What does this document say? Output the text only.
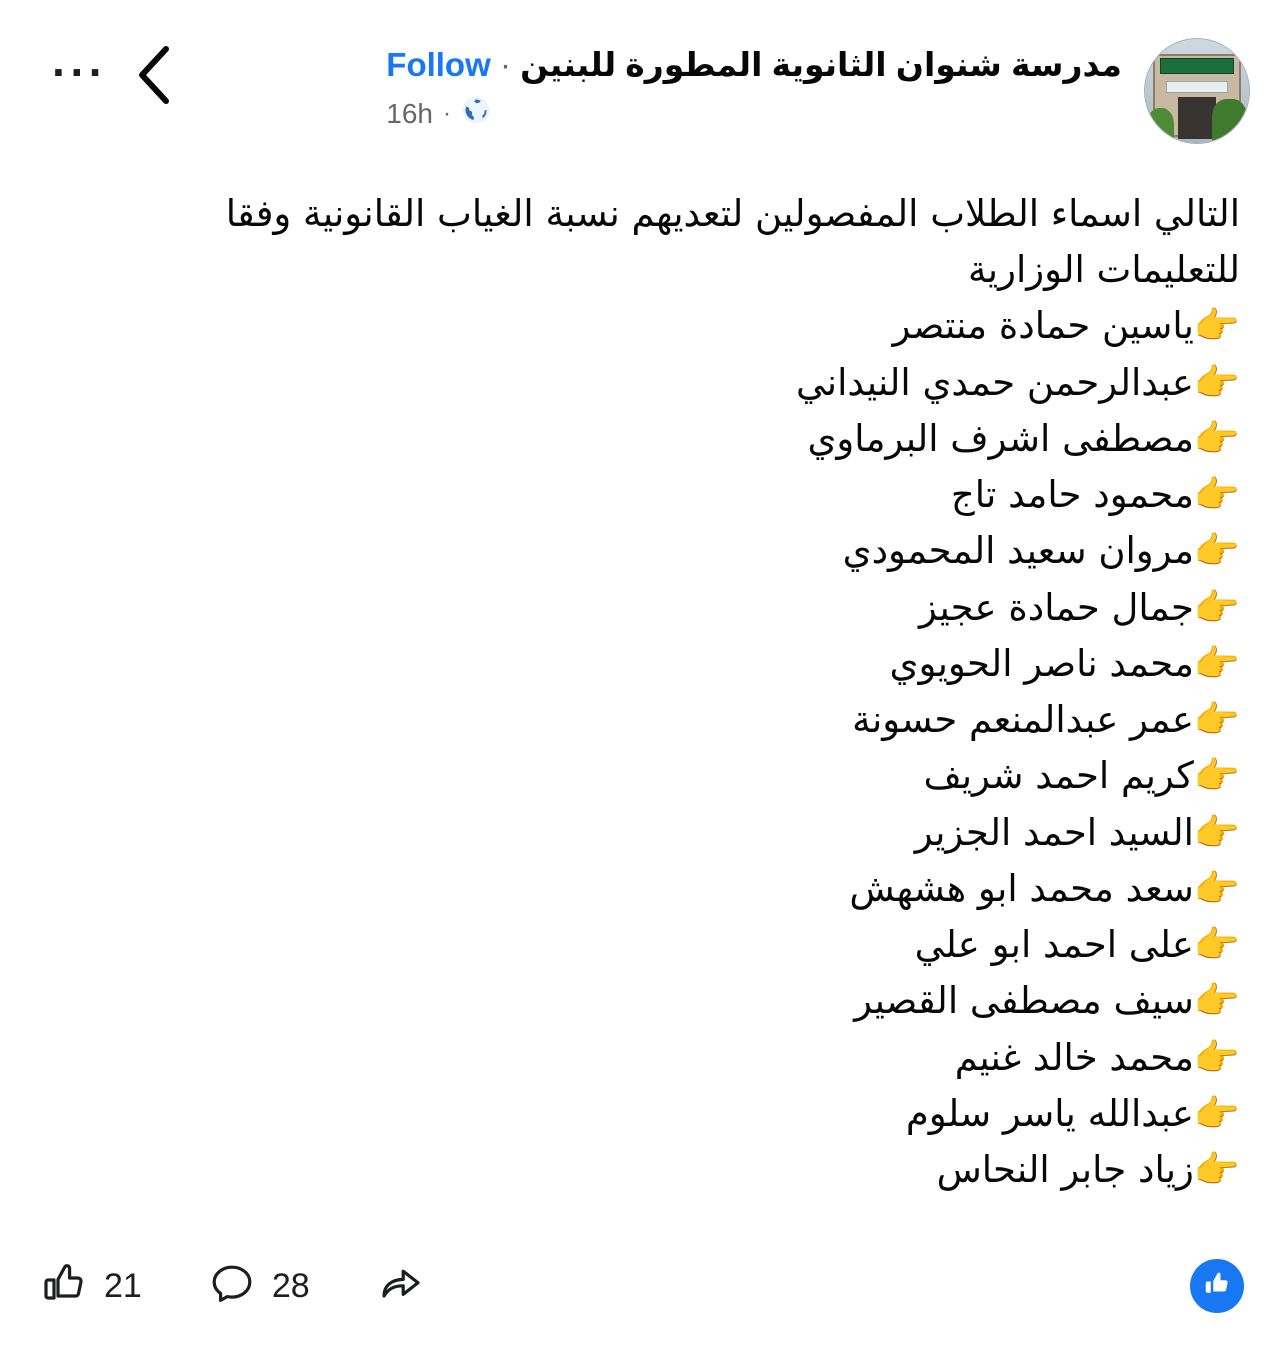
مدرسة شنوان الثانوية المطورة للبنين · Follow
16h ·
···

التالي اسماء الطلاب المفصولين لتعديهم نسبة الغياب القانونية وفقا

للتعليمات الوزارية

👉ياسين حمادة منتصر

👉عبدالرحمن حمدي النيداني

👉مصطفى اشرف البرماوي

👉محمود حامد تاج

👉مروان سعيد المحمودي

👉جمال حمادة عجيز

👉محمد ناصر الحويوي

👉عمر عبدالمنعم حسونة

👉كريم احمد شريف

👉السيد احمد الجزير

👉سعد محمد ابو هشهش

👉على احمد ابو علي

👉سيف مصطفى القصير

👉محمد خالد غنيم

👉عبدالله ياسر سلوم

👉زياد جابر النحاس

21	28
